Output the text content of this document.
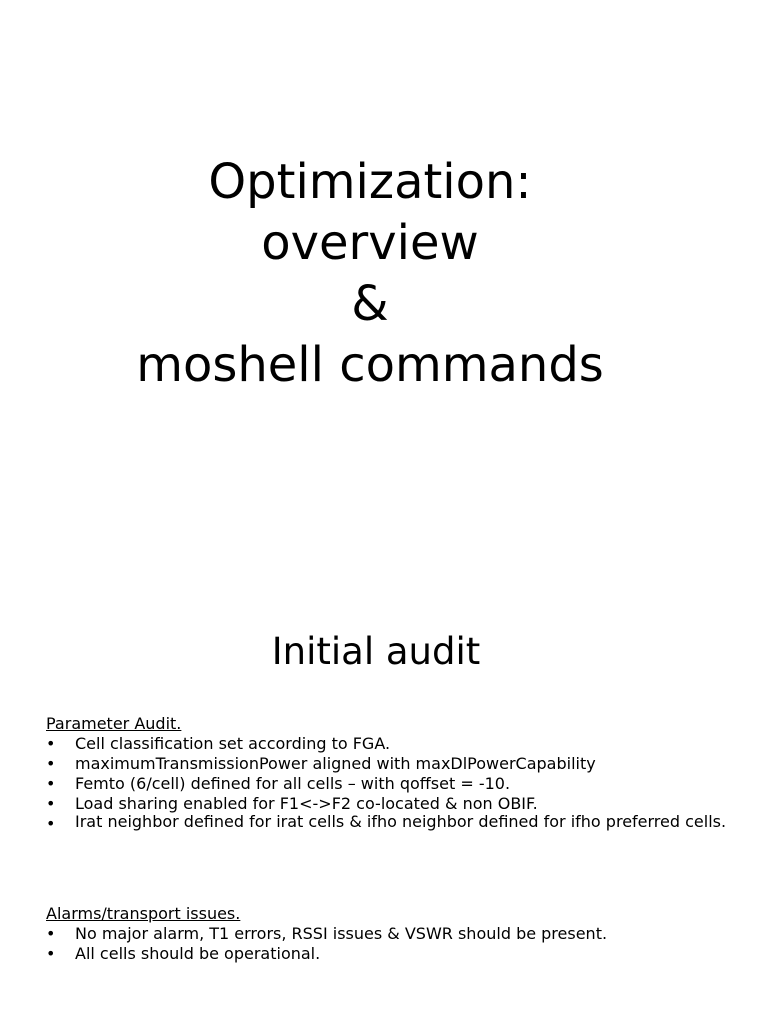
Optimization:
overview
&
moshell commands
Initial audit

Parameter Audit.

• Cell classification set according to FGA.
• maximumTransmissionPower aligned with maxDlPowerCapability
• Femto (6/cell) defined for all cells – with qoffset = -10.
• Load sharing enabled for F1<->F2 co-located & non OBIF.
• Irat neighbor defined for irat cells & ifho neighbor defined for ifho preferred cells.

Alarms/transport issues.

• No major alarm, T1 errors, RSSI issues & VSWR should be present.
• All cells should be operational.
